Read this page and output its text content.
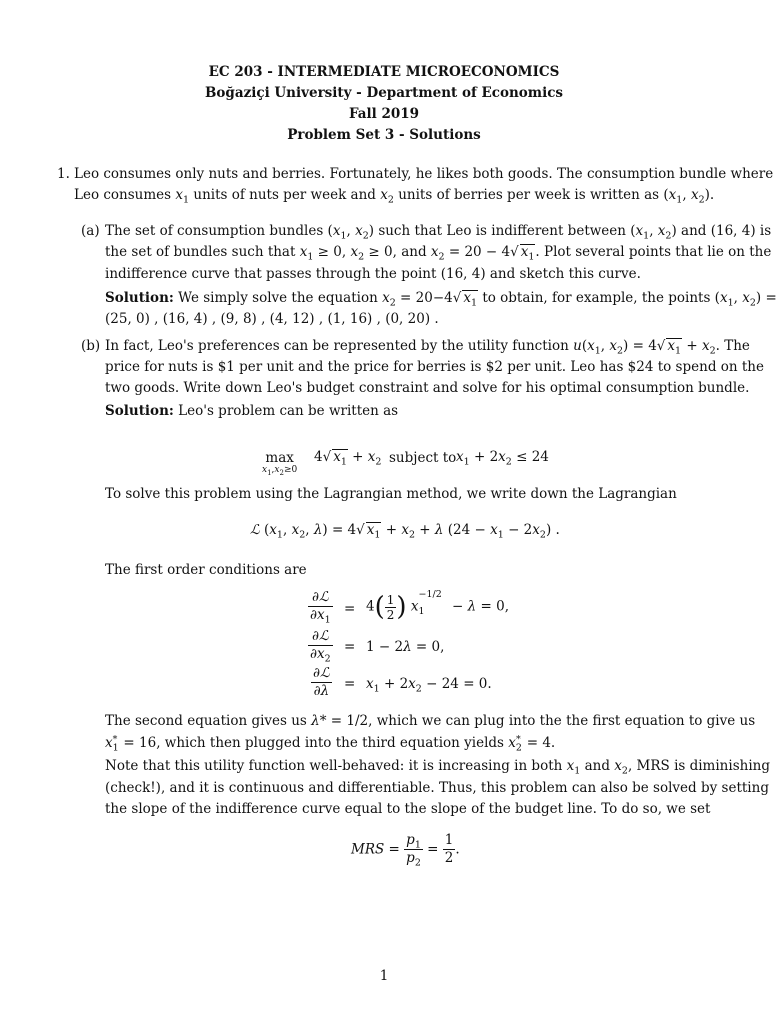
EC 203 - INTERMEDIATE MICROECONOMICS
Boğaziçi University - Department of Economics
Fall 2019
Problem Set 3 - Solutions
1. Leo consumes only nuts and berries. Fortunately, he likes both goods. The consumption bundle where
Leo consumes $x_1$ units of nuts per week and $x_2$ units of berries per week is written as ($x_1$, $x_2$).
(a) The set of consumption bundles ($x_1$, $x_2$) such that Leo is indifferent between ($x_1$, $x_2$) and (16, 4) is
the set of bundles such that $x_1 \ge 0$, $x_2 \ge 0$, and $x_2 = 20 - 4√$ $x_1$. Plot several points that lie on the
indifference curve that passes through the point (16, 4) and sketch this curve.
Solution: We simply solve the equation $x_2 = 20-4√$ $x_1$ to obtain, for example, the points ($x_1$, $x_2$) =
(25, 0) , (16, 4) , (9, 8) , (4, 12) , (1, 16) , (0, 20) .
(b) In fact, Leo's preferences can be represented by the utility function $u(x_1$, $x_2) = 4√$ $x_1 + x_2$. The
price for nuts is $1 per unit and the price for berries is $2 per unit. Leo has $24 to spend on the
two goods. Write down Leo's budget constraint and solve for his optimal consumption bundle.
Solution: Leo's problem can be written as
max
$x_1,x_2\ge 0$
4√ $x_1 + x_2$ subject to $x_1 + 2x_2 \le 24$
To solve this problem using the Lagrangian method, we write down the Lagrangian
ℒ ($x_1$, $x_2$, λ) = 4√ $x_1 + x_2 + \lambda$ $(24 - x_1 - 2x_2)$ .
The first order conditions are
$\frac{\text{∂ℒ}}{\partial x_1} = 4( \frac{1}{2}$ ) $x_1^{-1/2} - \lambda = 0$,
$\frac{\text{∂ℒ}}{\partial x_2} = 1 - 2\lambda = 0$,
$\frac{\text{∂ℒ}}{\partial\lambda} = x_1 + 2x_2 - 24 = 0$.
The second equation gives us λ* = 1/2, which we can plug into the the first equation to give us
$x_1^* = 16$, which then plugged into the third equation yields $x_2^* = 4$.
Note that this utility function well-behaved: it is increasing in both $x_1$ and $x_2$, MRS is diminishing
(check!), and it is continuous and differentiable. Thus, this problem can also be solved by setting
the slope of the indifference curve equal to the slope of the budget line. To do so, we set
MRS = $\frac{p_1}{p_2} = \frac{1}{2}$ .
1
